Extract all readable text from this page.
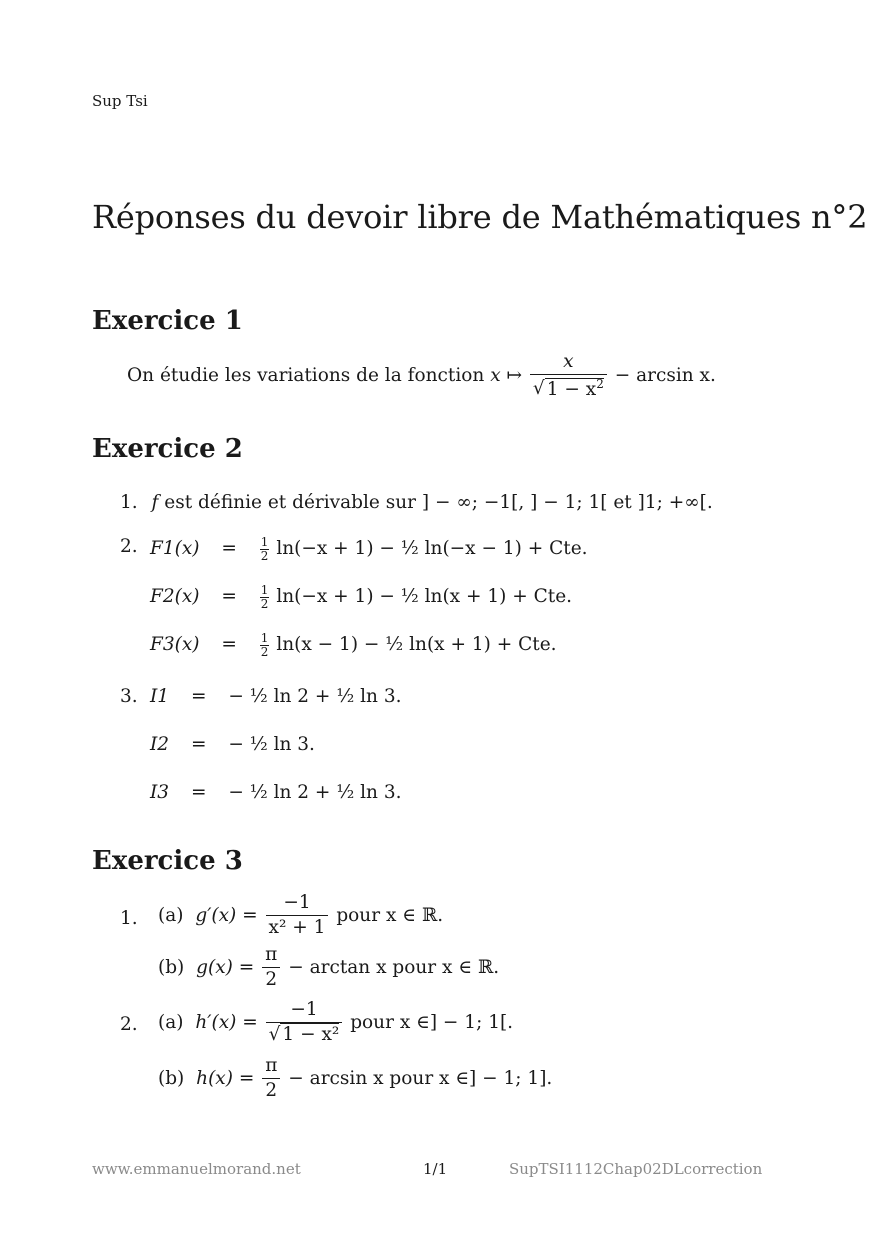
Sup Tsi
Réponses du devoir libre de Mathématiques n°2
Exercice 1
On étudie les variations de la fonction x ↦ $\frac{x}{√ 1 - x^2} - \arcsin x$.
Exercice 2
1. f est définie et dérivable sur ] − ∞; −1[, ] − 1; 1[ et ]1; +∞[.
2. $F1(x) = \frac{1}{2} \ln(-x + 1)$ − ½ ln(−x − 1) + Cte.
$F2(x) = \frac{1}{2} \ln(-x + 1)$ − ½ ln(x + 1) + Cte.
$F3(x) = \frac{1}{2} \ln(x - 1)$ − ½ ln(x + 1) + Cte.
3. I1 = − ½ ln 2 + ½ ln 3.
I2 = − ½ ln 3.
I3 = − ½ ln 2 + ½ ln 3.
Exercice 3
1. (a) $g'(x) = \frac{-1}{\text{x² + 1}}$ pour x ∈ ℝ.
(b) $g(x) = \frac{\pi}{2} - \arctan x$ pour x ∈ ℝ.
2. (a) $h'(x) = \frac{-1}{\text{√ 1 − x²}}$ pour x ∈] − 1; 1[.
(b) $h(x) = \frac{\pi}{2} - \arcsin x$ pour x ∈] − 1; 1].
www.emmanuelmorand.net	1/1	SupTSI1112Chap02DLcorrection
